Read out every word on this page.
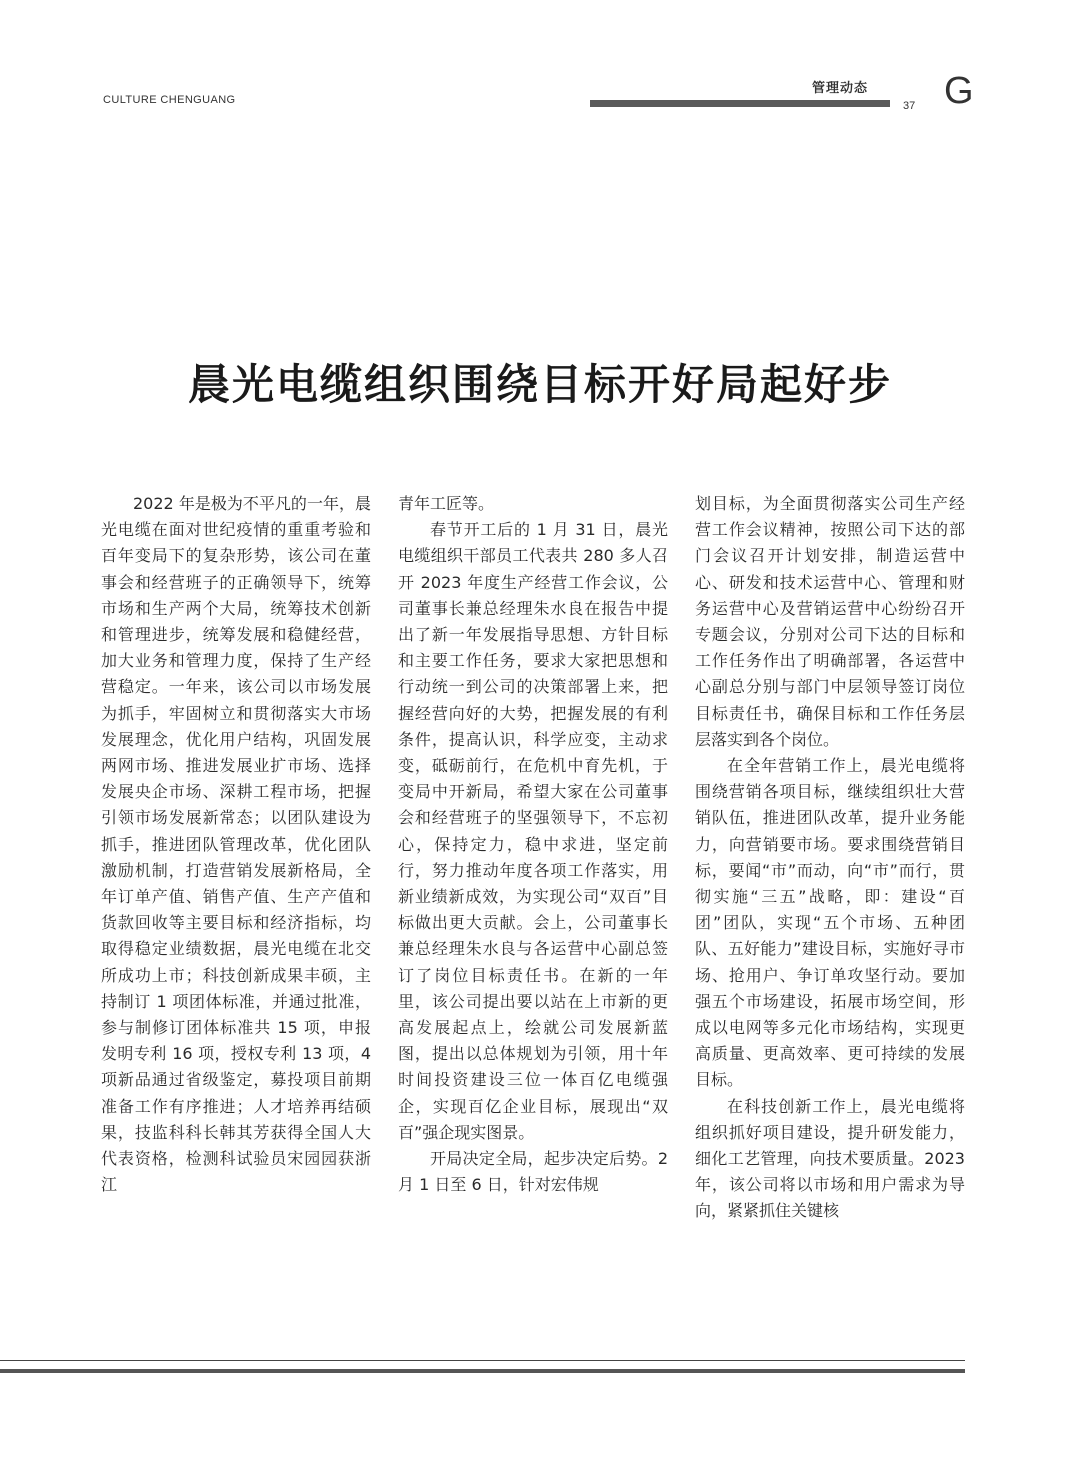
CULTURE CHENGUANG
管理动态
37 G
晨光电缆组织围绕目标开好局起好步

2022 年是极为不平凡的一年，晨光电缆在面对世纪疫情的重重考验和百年变局下的复杂形势，该公司在董事会和经营班子的正确领导下，统筹市场和生产两个大局，统筹技术创新和管理进步，统筹发展和稳健经营，加大业务和管理力度，保持了生产经营稳定。一年来，该公司以市场发展为抓手，牢固树立和贯彻落实大市场发展理念，优化用户结构，巩固发展两网市场、推进发展业扩市场、选择发展央企市场、深耕工程市场，把握引领市场发展新常态；以团队建设为抓手，推进团队管理改革，优化团队激励机制，打造营销发展新格局，全年订单产值、销售产值、生产产值和货款回收等主要目标和经济指标，均取得稳定业绩数据，晨光电缆在北交所成功上市；科技创新成果丰硕，主持制订 1 项团体标准，并通过批准，参与制修订团体标准共 15 项，申报发明专利 16 项，授权专利 13 项，4 项新品通过省级鉴定，募投项目前期准备工作有序推进；人才培养再结硕果，技监科科长韩其芳获得全国人大代表资格，检测科试验员宋园园获浙江

青年工匠等。

春节开工后的 1 月 31 日，晨光电缆组织干部员工代表共 280 多人召开 2023 年度生产经营工作会议，公司董事长兼总经理朱水良在报告中提出了新一年发展指导思想、方针目标和主要工作任务，要求大家把思想和行动统一到公司的决策部署上来，把握经营向好的大势，把握发展的有利条件，提高认识，科学应变，主动求变，砥砺前行，在危机中育先机，于变局中开新局，希望大家在公司董事会和经营班子的坚强领导下，不忘初心，保持定力，稳中求进，坚定前行，努力推动年度各项工作落实，用新业绩新成效，为实现公司“双百”目标做出更大贡献。会上，公司董事长兼总经理朱水良与各运营中心副总签订了岗位目标责任书。在新的一年里，该公司提出要以站在上市新的更高发展起点上，绘就公司发展新蓝图，提出以总体规划为引领，用十年时间投资建设三位一体百亿电缆强企，实现百亿企业目标，展现出“双百”强企现实图景。

开局决定全局，起步决定后势。2 月 1 日至 6 日，针对宏伟规

划目标，为全面贯彻落实公司生产经营工作会议精神，按照公司下达的部门会议召开计划安排，制造运营中心、研发和技术运营中心、管理和财务运营中心及营销运营中心纷纷召开专题会议，分别对公司下达的目标和工作任务作出了明确部署，各运营中心副总分别与部门中层领导签订岗位目标责任书，确保目标和工作任务层层落实到各个岗位。

在全年营销工作上，晨光电缆将围绕营销各项目标，继续组织壮大营销队伍，推进团队改革，提升业务能力，向营销要市场。要求围绕营销目标，要闻“市”而动，向“市”而行，贯彻实施“三五”战略，即：建设“百团”团队，实现“五个市场、五种团队、五好能力”建设目标，实施好寻市场、抢用户、争订单攻坚行动。要加强五个市场建设，拓展市场空间，形成以电网等多元化市场结构，实现更高质量、更高效率、更可持续的发展目标。

在科技创新工作上，晨光电缆将组织抓好项目建设，提升研发能力，细化工艺管理，向技术要质量。2023 年，该公司将以市场和用户需求为导向，紧紧抓住关键核
